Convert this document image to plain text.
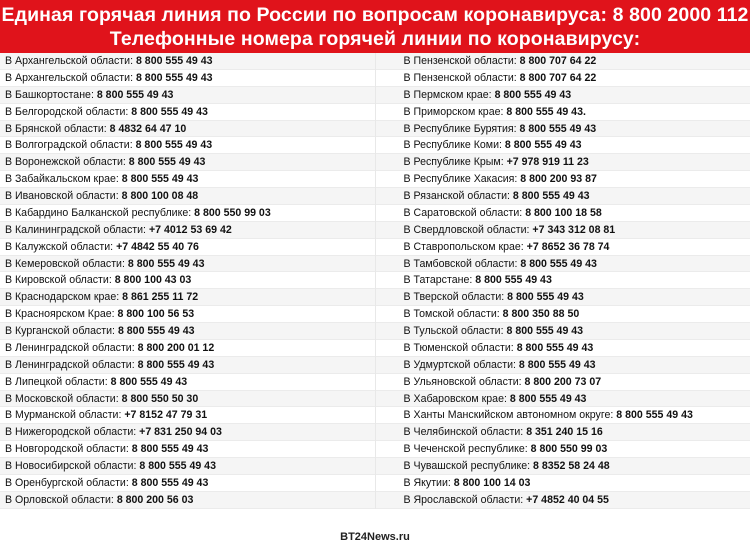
Единая горячая линия по России по вопросам коронавируса: 8 800 2000 112
Телефонные номера горячей линии по коронавирусу:
В Архангельской области: 8 800 555 49 43
В Архангельской области: 8 800 555 49 43
В Башкортостане: 8 800 555 49 43
В Белгородской области: 8 800 555 49 43
В Брянской области: 8 4832 64 47 10
В Волгоградской области: 8 800 555 49 43
В Воронежской области: 8 800 555 49 43
В Забайкальском крае: 8 800 555 49 43
В Ивановской области: 8 800 100 08 48
В Кабардино Балканской республике: 8 800 550 99 03
В Калининградской области: +7 4012 53 69 42
В Калужской области: +7 4842 55 40 76
В Кемеровской области: 8 800 555 49 43
В Кировской области: 8 800 100 43 03
В Краснодарском крае: 8 861 255 11 72
В Красноярском Крае: 8 800 100 56 53
В Курганской области: 8 800 555 49 43
В Ленинградской области: 8 800 200 01 12
В Ленинградской области: 8 800 555 49 43
В Липецкой области: 8 800 555 49 43
В Московской области: 8 800 550 50 30
В Мурманской области: +7 8152 47 79 31
В Нижегородской области: +7 831 250 94 03
В Новгородской области: 8 800 555 49 43
В Новосибирской области: 8 800 555 49 43
В Оренбургской области: 8 800 555 49 43
В Орловской области: 8 800 200 56 03
В Пензенской области: 8 800 707 64 22
В Пензенской области: 8 800 707 64 22
В Пермском крае: 8 800 555 49 43
В Приморском крае: 8 800 555 49 43.
В Республике Бурятия: 8 800 555 49 43
В Республике Коми: 8 800 555 49 43
В Республике Крым: +7 978 919 11 23
В Республике Хакасия: 8 800 200 93 87
В Рязанской области: 8 800 555 49 43
В Саратовской области: 8 800 100 18 58
В Свердловской области: +7 343 312 08 81
В Ставропольском крае: +7 8652 36 78 74
В Тамбовской области: 8 800 555 49 43
В Татарстане: 8 800 555 49 43
В Тверской области: 8 800 555 49 43
В Томской области: 8 800 350 88 50
В Тульской области: 8 800 555 49 43
В Тюменской области: 8 800 555 49 43
В Удмуртской области: 8 800 555 49 43
В Ульяновской области: 8 800 200 73 07
В Хабаровском крае: 8 800 555 49 43
В Ханты Манскийском автономном округе: 8 800 555 49 43
В Челябинской области: 8 351 240 15 16
В Чеченской республике: 8 800 550 99 03
В Чувашской республике: 8 8352 58 24 48
В Якутии: 8 800 100 14 03
В Ярославской области: +7 4852 40 04 55
BT24News.ru
